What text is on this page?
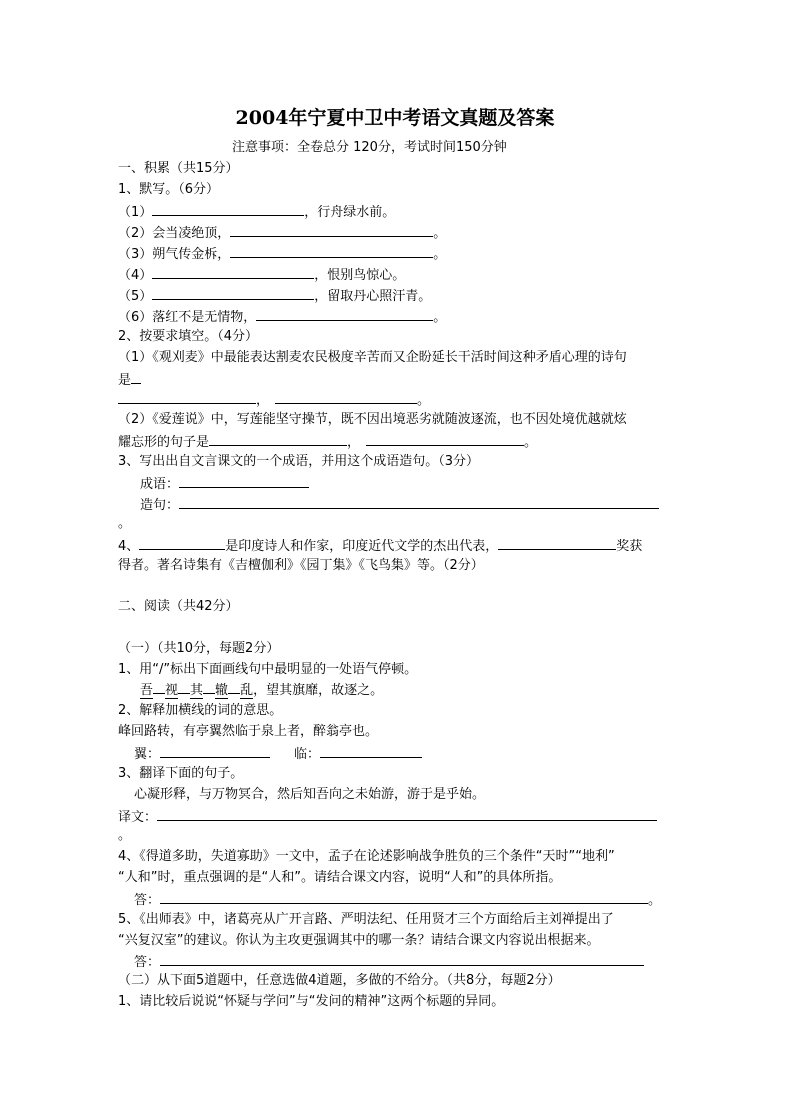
2004年宁夏中卫中考语文真题及答案
注意事项：全卷总分 120分，考试时间150分钟
一、积累（共15分）
1、默写。（6分）
（1）	，行舟绿水前。
（2）会当凌绝顶，	。
（3）朔气传金柝，	。
（4）	，恨别鸟惊心。
（5）	，留取丹心照汗青。
（6）落红不是无情物，	。
2、按要求填空。（4分）
（1）《观刈麦》中最能表达割麦农民极度辛苦而又企盼延长干活时间这种矛盾心理的诗句
是
，	。
（2）《爱莲说》中，写莲能坚守操节，既不因出境恶劣就随波逐流，也不因处境优越就炫
耀忘形的句子是	，	。
3、写出出自文言课文的一个成语，并用这个成语造句。（3分）
成语：
造句：
。
4、	是印度诗人和作家，印度近代文学的杰出代表，	奖获
得者。著名诗集有《吉檀伽利》《园丁集》《飞鸟集》等。（2分）
二、阅读（共42分）
（一）（共10分，每题2分）
1、用“/”标出下面画线句中最明显的一处语气停顿。
吾 视 其 辙 乱，望其旗靡，故逐之。
2、解释加横线的词的意思。
峰回路转，有亭翼然临于泉上者，醉翁亭也。
翼：	临：
3、翻译下面的句子。
心凝形释，与万物冥合，然后知吾向之未始游，游于是乎始。
译文：
。
4、《得道多助，失道寡助》一文中，孟子在论述影响战争胜负的三个条件“天时”“地利”
“人和”时，重点强调的是“人和”。请结合课文内容，说明“人和”的具体所指。
答：	。
5、《出师表》中，诸葛亮从广开言路、严明法纪、任用贤才三个方面给后主刘禅提出了
“兴复汉室”的建议。你认为主攻更强调其中的哪一条？请结合课文内容说出根据来。
答：
（二）从下面5道题中，任意选做4道题，多做的不给分。（共8分，每题2分）
1、请比较后说说“怀疑与学问”与“发问的精神”这两个标题的异同。
